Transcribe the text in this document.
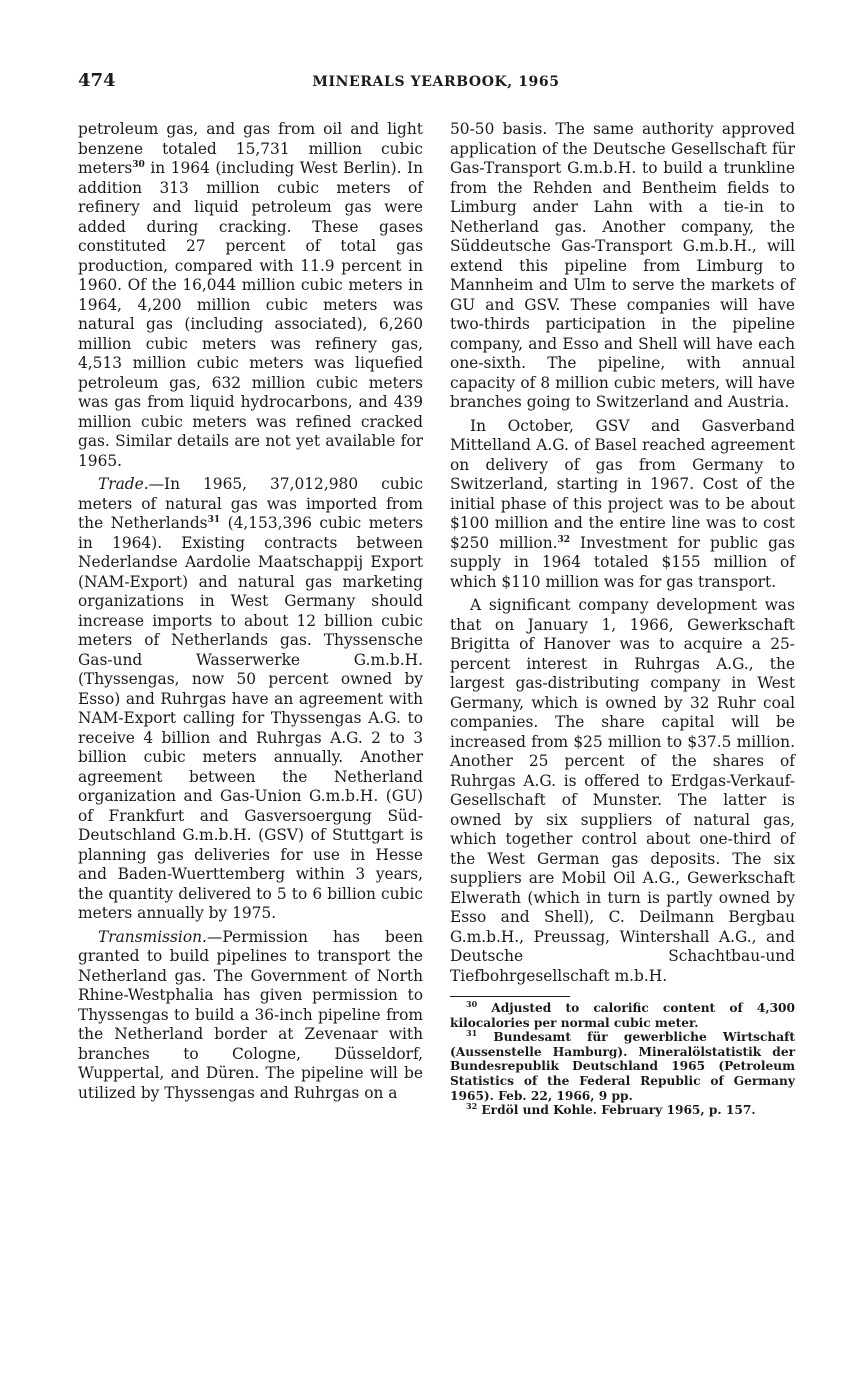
474	MINERALS YEARBOOK, 1965

petroleum gas, and gas from oil and light benzene totaled 15,731 million cubic meters$^{30}$ in 1964 (including West Berlin). In addition 313 million cubic meters of refinery and liquid petroleum gas were added during cracking. These gases constituted 27 percent of total gas production, compared with 11.9 percent in 1960. Of the 16,044 million cubic meters in 1964, 4,200 million cubic meters was natural gas (including associated), 6,260 million cubic meters was refinery gas, 4,513 million cubic meters was liquefied petroleum gas, 632 million cubic meters was gas from liquid hydrocarbons, and 439 million cubic meters was refined cracked gas. Similar details are not yet available for 1965.

Trade.—In 1965, 37,012,980 cubic meters of natural gas was imported from the Netherlands$^{31}$ (4,153,396 cubic meters in 1964). Existing contracts between Nederlandse Aardolie Maatschappij Export (NAM-Export) and natural gas marketing organizations in West Germany should increase imports to about 12 billion cubic meters of Netherlands gas. Thyssensche Gas-und Wasserwerke G.m.b.H. (Thyssengas, now 50 percent owned by Esso) and Ruhrgas have an agreement with NAM-Export calling for Thyssengas A.G. to receive 4 billion and Ruhrgas A.G. 2 to 3 billion cubic meters annually. Another agreement between the Netherland organization and Gas-Union G.m.b.H. (GU) of Frankfurt and Gasversoergung Süd-Deutschland G.m.b.H. (GSV) of Stuttgart is planning gas deliveries for use in Hesse and Baden-Wuerttemberg within 3 years, the quantity delivered to 5 to 6 billion cubic meters annually by 1975.

Transmission.—Permission has been granted to build pipelines to transport the Netherland gas. The Government of North Rhine-Westphalia has given permission to Thyssengas to build a 36-inch pipeline from the Netherland border at Zevenaar with branches to Cologne, Düsseldorf, Wuppertal, and Düren. The pipeline will be utilized by Thyssengas and Ruhrgas on a

50-50 basis. The same authority approved application of the Deutsche Gesellschaft für Gas-Transport G.m.b.H. to build a trunkline from the Rehden and Bentheim fields to Limburg ander Lahn with a tie-in to Netherland gas. Another company, the Süddeutsche Gas-Transport G.m.b.H., will extend this pipeline from Limburg to Mannheim and Ulm to serve the markets of GU and GSV. These companies will have two-thirds participation in the pipeline company, and Esso and Shell will have each one-sixth. The pipeline, with annual capacity of 8 million cubic meters, will have branches going to Switzerland and Austria.

In October, GSV and Gasverband Mittelland A.G. of Basel reached agreement on delivery of gas from Germany to Switzerland, starting in 1967. Cost of the initial phase of this project was to be about $100 million and the entire line was to cost $250 million.$^{32}$ Investment for public gas supply in 1964 totaled $155 million of which $110 million was for gas transport.

A significant company development was that on January 1, 1966, Gewerkschaft Brigitta of Hanover was to acquire a 25-percent interest in Ruhrgas A.G., the largest gas-distributing company in West Germany, which is owned by 32 Ruhr coal companies. The share capital will be increased from $25 million to $37.5 million. Another 25 percent of the shares of Ruhrgas A.G. is offered to Erdgas-Verkauf-Gesellschaft of Munster. The latter is owned by six suppliers of natural gas, which together control about one-third of the West German gas deposits. The six suppliers are Mobil Oil A.G., Gewerkschaft Elwerath (which in turn is partly owned by Esso and Shell), C. Deilmann Bergbau G.m.b.H., Preussag, Wintershall A.G., and Deutsche Schachtbau-und Tiefbohrgesellschaft m.b.H.

$^{30}$ Adjusted to calorific content of 4,300 kilocalories per normal cubic meter.

$^{31}$ Bundesamt für gewerbliche Wirtschaft (Aussenstelle Hamburg). Mineralölstatistik der Bundesrepublik Deutschland 1965 (Petroleum Statistics of the Federal Republic of Germany 1965). Feb. 22, 1966, 9 pp.

$^{32}$ Erdöl und Kohle. February 1965, p. 157.
